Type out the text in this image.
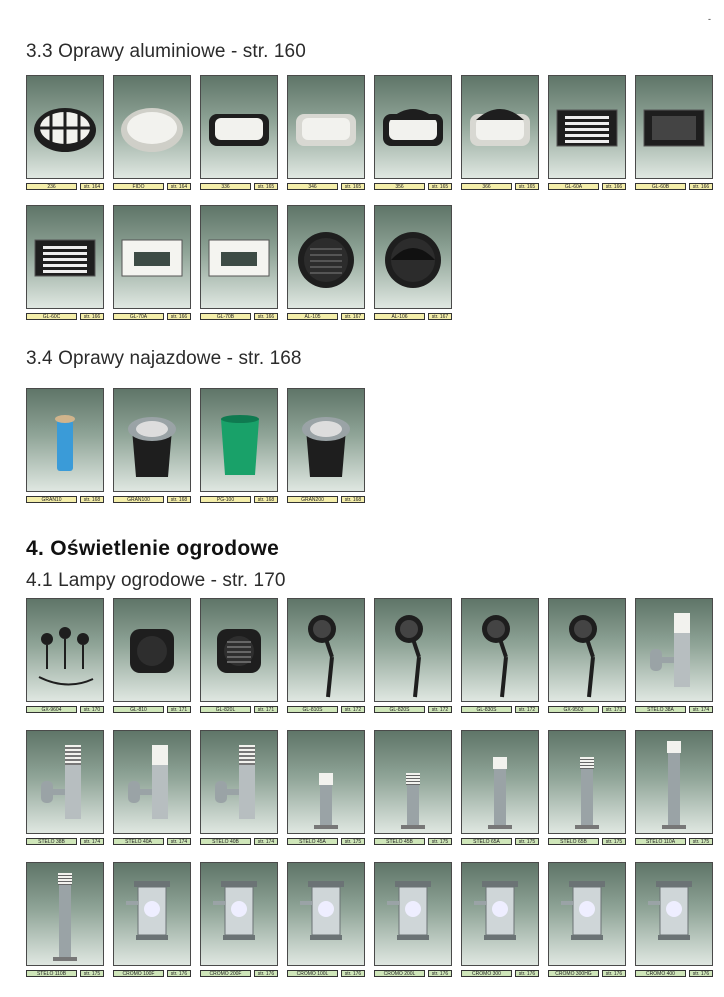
-
3.3 Oprawy aluminiowe - str. 160
236	str. 164	FIDO	str. 164	336	str. 165	346	str. 165	356	str. 165	366	str. 165	GL-60A	str. 166	GL-60B	str. 166
GL-60C	str. 166	GL-70A	str. 166	GL-70B	str. 166	AL-105	str. 167	AL-106	str. 167
3.4 Oprawy najazdowe - str. 168
GRAN10	str. 168	GRAN100	str. 168	PG-100	str. 168	GRAN200	str. 168
4. Oświetlenie ogrodowe
4.1 Lampy ogrodowe - str. 170
GX-9604	str. 170	GL-810	str. 171	GL-820L	str. 171	GL-810S	str. 172	GL-820S	str. 172	GL-830S	str. 172	GX-9502	str. 173	STELO 38A	str. 174
STELO 38B	str. 174	STELO 40A	str. 174	STELO 40B	str. 174	STELO 45A	str. 175	STELO 45B	str. 175	STELO 65A	str. 175	STELO 65B	str. 175	STELO 110A	str. 175
STELO 110B	str. 175	CROMO 100F	str. 176	CROMO 200F	str. 176	CROMO 100L	str. 176	CROMO 200L	str. 176	CROMO 300	str. 176	CROMO 300HG	str. 176	CROMO 400	str. 176
